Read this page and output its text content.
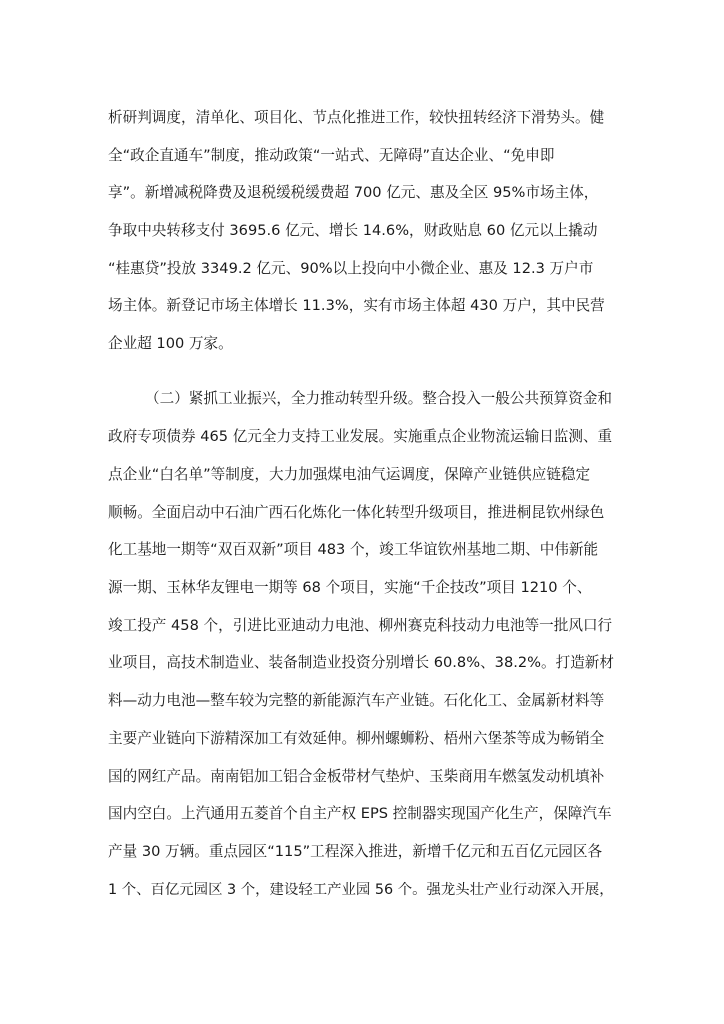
析研判调度，清单化、项目化、节点化推进工作，较快扭转经济下滑势头。健
全“政企直通车”制度，推动政策“一站式、无障碍”直达企业、“免申即
享”。新增减税降费及退税缓税缓费超 700 亿元、惠及全区 95%市场主体，
争取中央转移支付 3695.6 亿元、增长 14.6%，财政贴息 60 亿元以上撬动
“桂惠贷”投放 3349.2 亿元、90%以上投向中小微企业、惠及 12.3 万户市
场主体。新登记市场主体增长 11.3%，实有市场主体超 430 万户，其中民营
企业超 100 万家。
（二）紧抓工业振兴，全力推动转型升级。整合投入一般公共预算资金和
政府专项债券 465 亿元全力支持工业发展。实施重点企业物流运输日监测、重
点企业“白名单”等制度，大力加强煤电油气运调度，保障产业链供应链稳定
顺畅。全面启动中石油广西石化炼化一体化转型升级项目，推进桐昆钦州绿色
化工基地一期等“双百双新”项目 483 个，竣工华谊钦州基地二期、中伟新能
源一期、玉林华友锂电一期等 68 个项目，实施“千企技改”项目 1210 个、
竣工投产 458 个，引进比亚迪动力电池、柳州赛克科技动力电池等一批风口行
业项目，高技术制造业、装备制造业投资分别增长 60.8%、38.2%。打造新材
料—动力电池—整车较为完整的新能源汽车产业链。石化化工、金属新材料等
主要产业链向下游精深加工有效延伸。柳州螺蛳粉、梧州六堡茶等成为畅销全
国的网红产品。南南铝加工铝合金板带材气垫炉、玉柴商用车燃氢发动机填补
国内空白。上汽通用五菱首个自主产权 EPS 控制器实现国产化生产，保障汽车
产量 30 万辆。重点园区“115”工程深入推进，新增千亿元和五百亿元园区各
1 个、百亿元园区 3 个，建设轻工产业园 56 个。强龙头壮产业行动深入开展，
